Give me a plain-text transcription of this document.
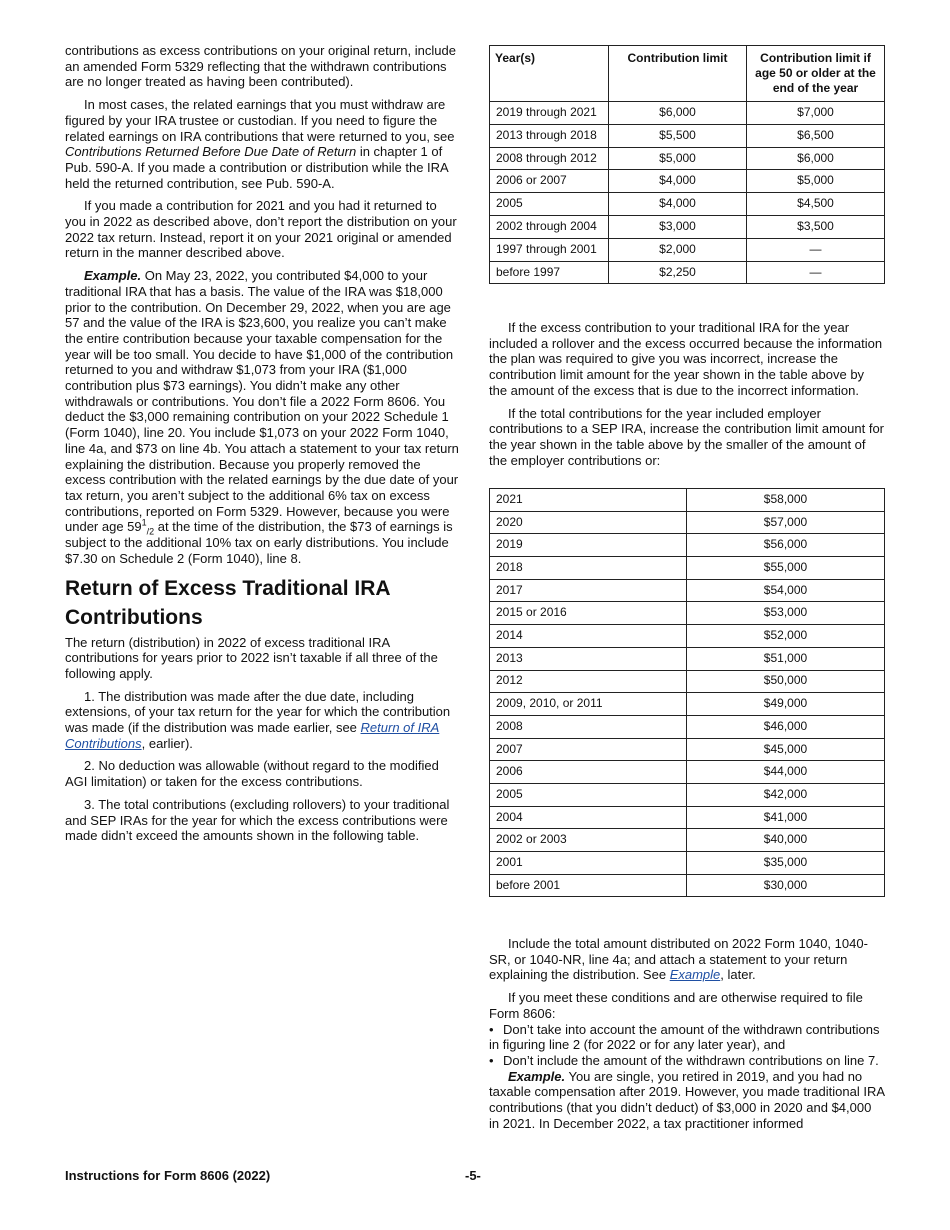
contributions as excess contributions on your original return, include an amended Form 5329 reflecting that the withdrawn contributions are no longer treated as having been contributed).

In most cases, the related earnings that you must withdraw are figured by your IRA trustee or custodian. If you need to figure the related earnings on IRA contributions that were returned to you, see Contributions Returned Before Due Date of Return in chapter 1 of Pub. 590-A. If you made a contribution or distribution while the IRA held the returned contribution, see Pub. 590-A.

If you made a contribution for 2021 and you had it returned to you in 2022 as described above, don’t report the distribution on your 2022 tax return. Instead, report it on your 2021 original or amended return in the manner described above.

Example. On May 23, 2022, you contributed $4,000 to your traditional IRA that has a basis. The value of the IRA was $18,000 prior to the contribution. On December 29, 2022, when you are age 57 and the value of the IRA is $23,600, you realize you can’t make the entire contribution because your taxable compensation for the year will be too small. You decide to have $1,000 of the contribution returned to you and withdraw $1,073 from your IRA ($1,000 contribution plus $73 earnings). You didn’t make any other withdrawals or contributions. You don’t file a 2022 Form 8606. You deduct the $3,000 remaining contribution on your 2022 Schedule 1 (Form 1040), line 20. You include $1,073 on your 2022 Form 1040, line 4a, and $73 on line 4b. You attach a statement to your tax return explaining the distribution. Because you properly removed the excess contribution with the related earnings by the due date of your tax return, you aren’t subject to the additional 6% tax on excess contributions, reported on Form 5329. However, because you were under age $59^1_{/2}$ at the time of the distribution, the $73 of earnings is subject to the additional 10% tax on early distributions. You include $7.30 on Schedule 2 (Form 1040), line 8.

Return of Excess Traditional IRA Contributions

The return (distribution) in 2022 of excess traditional IRA contributions for years prior to 2022 isn’t taxable if all three of the following apply.

1. The distribution was made after the due date, including extensions, of your tax return for the year for which the contribution was made (if the distribution was made earlier, see Return of IRA Contributions, earlier).

2. No deduction was allowable (without regard to the modified AGI limitation) or taken for the excess contributions.

3. The total contributions (excluding rollovers) to your traditional and SEP IRAs for the year for which the excess contributions were made didn’t exceed the amounts shown in the following table.

Year(s)	Contribution limit	Contribution limit if age 50 or older at the end of the year
2019 through 2021	$6,000	$7,000
2013 through 2018	$5,500	$6,500
2008 through 2012	$5,000	$6,000
2006 or 2007	$4,000	$5,000
2005	$4,000	$4,500
2002 through 2004	$3,000	$3,500
1997 through 2001	$2,000	—
before 1997	$2,250	—

If the excess contribution to your traditional IRA for the year included a rollover and the excess occurred because the information the plan was required to give you was incorrect, increase the contribution limit amount for the year shown in the table above by the amount of the excess that is due to the incorrect information.

If the total contributions for the year included employer contributions to a SEP IRA, increase the contribution limit amount for the year shown in the table above by the smaller of the amount of the employer contributions or:

2021	$58,000
2020	$57,000
2019	$56,000
2018	$55,000
2017	$54,000
2015 or 2016	$53,000
2014	$52,000
2013	$51,000
2012	$50,000
2009, 2010, or 2011	$49,000
2008	$46,000
2007	$45,000
2006	$44,000
2005	$42,000
2004	$41,000
2002 or 2003	$40,000
2001	$35,000
before 2001	$30,000

Include the total amount distributed on 2022 Form 1040, 1040-SR, or 1040-NR, line 4a; and attach a statement to your return explaining the distribution. See Example, later.

If you meet these conditions and are otherwise required to file Form 8606:

• Don’t take into account the amount of the withdrawn contributions in figuring line 2 (for 2022 or for any later year), and
• Don’t include the amount of the withdrawn contributions on line 7.

Example. You are single, you retired in 2019, and you had no taxable compensation after 2019. However, you made traditional IRA contributions (that you didn’t deduct) of $3,000 in 2020 and $4,000 in 2021. In December 2022, a tax practitioner informed

Instructions for Form 8606 (2022)	-5-
